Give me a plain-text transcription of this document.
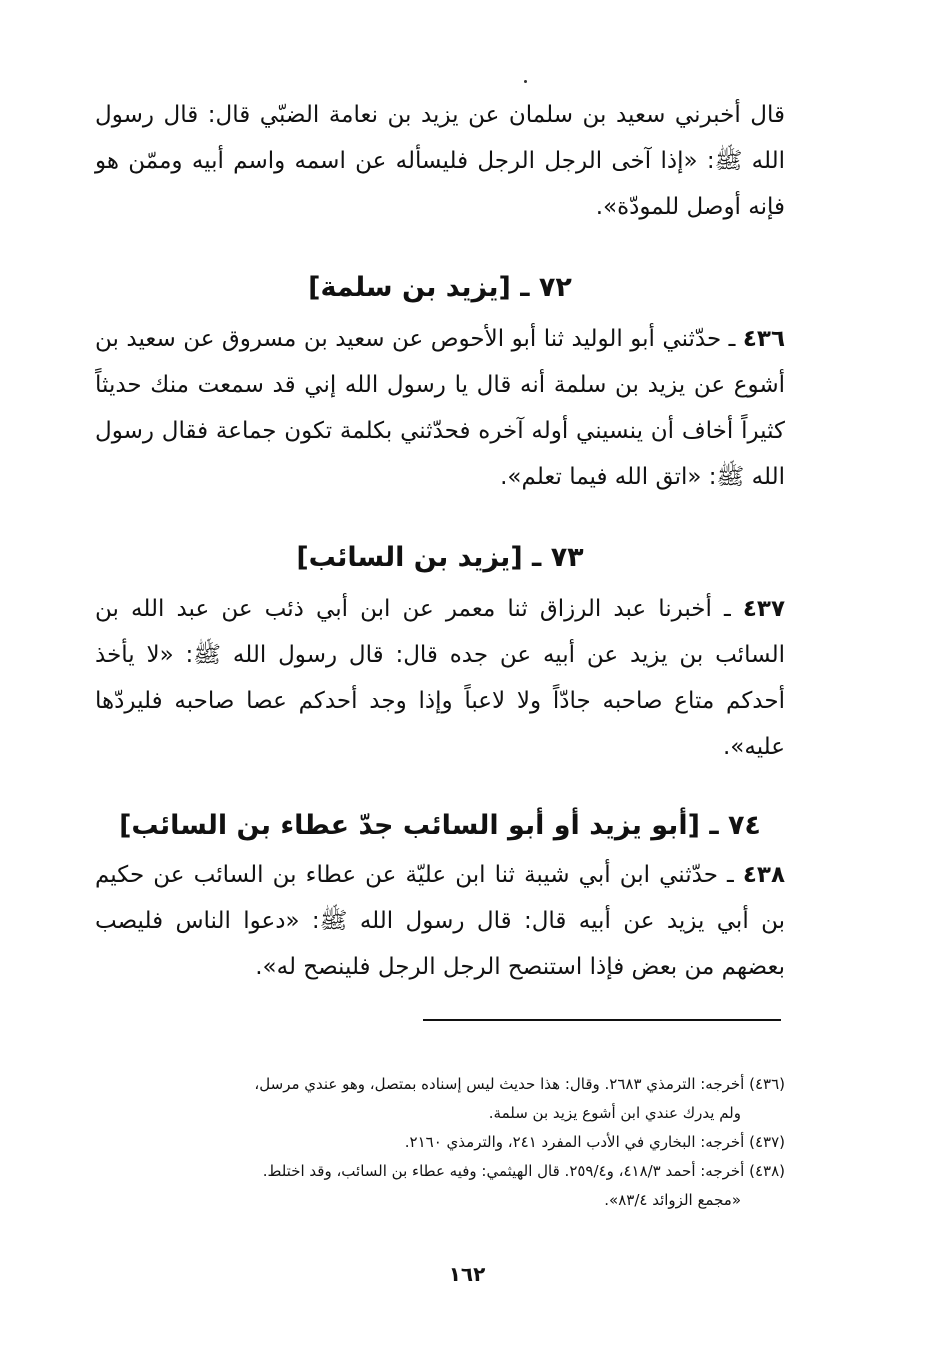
قال أخبرني سعيد بن سلمان عن يزيد بن نعامة الضبّي قال: قال رسول الله ﷺ: «إذا آخى الرجل الرجل فليسأله عن اسمه واسم أبيه وممّن هو فإنه أوصل للمودّة».

٧٢ ـ [يزيد بن سلمة]

٤٣٦ ـ حدّثني أبو الوليد ثنا أبو الأحوص عن سعيد بن مسروق عن سعيد بن أشوع عن يزيد بن سلمة أنه قال يا رسول الله إني قد سمعت منك حديثاً كثيراً أخاف أن ينسيني أوله آخره فحدّثني بكلمة تكون جماعة فقال رسول الله ﷺ: «اتق الله فيما تعلم».

٧٣ ـ [يزيد بن السائب]

٤٣٧ ـ أخبرنا عبد الرزاق ثنا معمر عن ابن أبي ذئب عن عبد الله بن السائب بن يزيد عن أبيه عن جده قال: قال رسول الله ﷺ: «لا يأخذ أحدكم متاع صاحبه جادّاً ولا لاعباً وإذا وجد أحدكم عصا صاحبه فليردّها عليه».

٧٤ ـ [أبو يزيد أو أبو السائب جدّ عطاء بن السائب]

٤٣٨ ـ حدّثني ابن أبي شيبة ثنا ابن عليّة عن عطاء بن السائب عن حكيم بن أبي يزيد عن أبيه قال: قال رسول الله ﷺ: «دعوا الناس فليصب بعضهم من بعض فإذا استنصح الرجل الرجل فلينصح له».

(٤٣٦) أخرجه: الترمذي ٢٦٨٣. وقال: هذا حديث ليس إسناده بمتصل، وهو عندي مرسل،

ولم يدرك عندي ابن أشوع يزيد بن سلمة.

(٤٣٧) أخرجه: البخاري في الأدب المفرد ٢٤١، والترمذي ٢١٦٠.

(٤٣٨) أخرجه: أحمد ٤١٨/٣، و٢٥٩/٤. قال الهيثمي: وفيه عطاء بن السائب، وقد اختلط.

«مجمع الزوائد ٨٣/٤».

١٦٢
